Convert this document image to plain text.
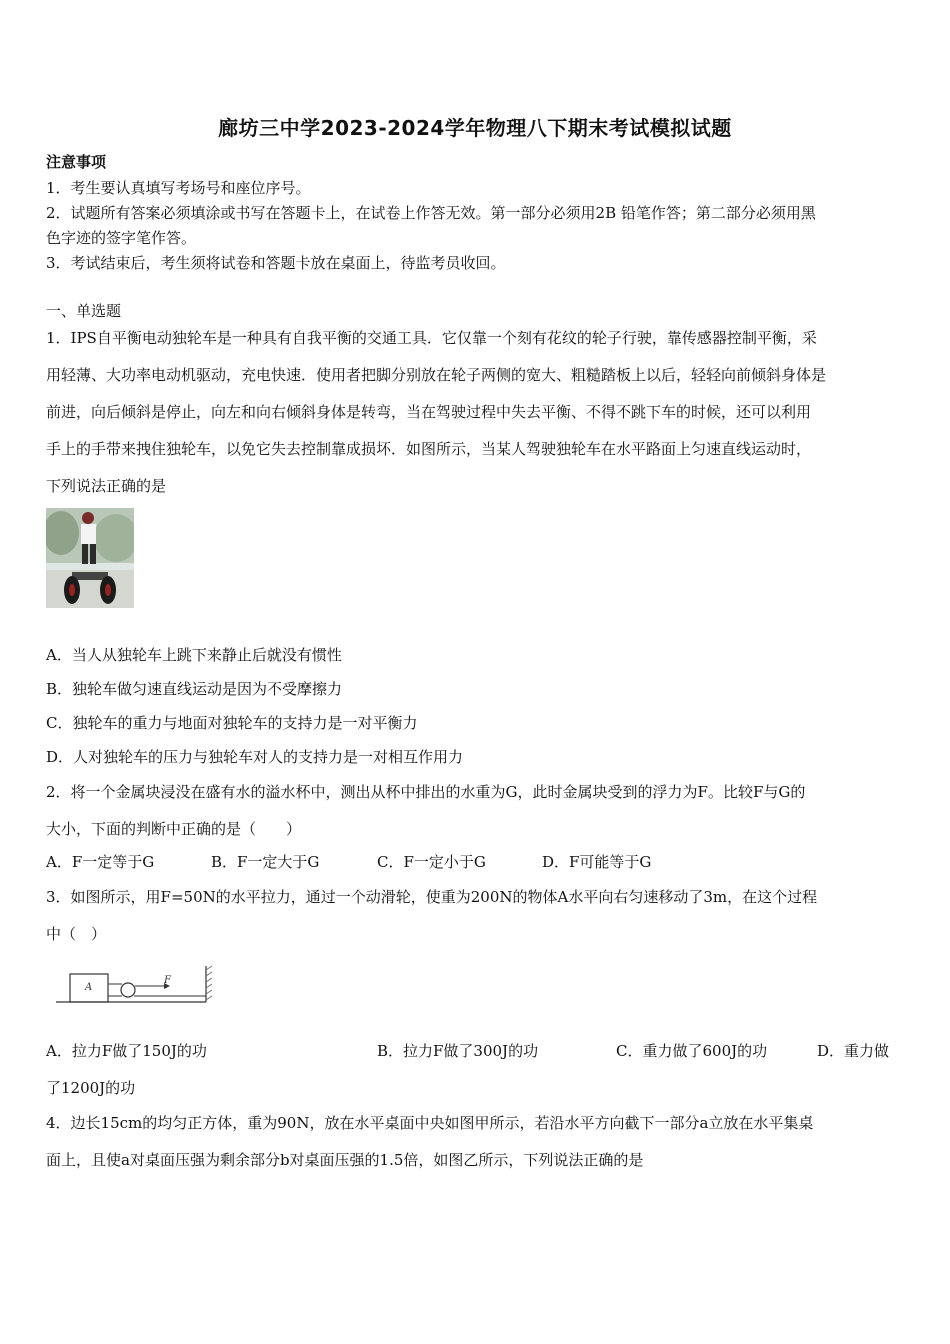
廊坊三中学2023-2024学年物理八下期末考试模拟试题
注意事项
1．考生要认真填写考场号和座位序号。
2．试题所有答案必须填涂或书写在答题卡上，在试卷上作答无效。第一部分必须用2B 铅笔作答；第二部分必须用黑
色字迹的签字笔作答。
3．考试结束后，考生须将试卷和答题卡放在桌面上，待监考员收回。
一、单选题
1．IPS自平衡电动独轮车是一种具有自我平衡的交通工具．它仅靠一个刻有花纹的轮子行驶，靠传感器控制平衡，采
用轻薄、大功率电动机驱动，充电快速．使用者把脚分别放在轮子两侧的宽大、粗糙踏板上以后，轻轻向前倾斜身体是
前进，向后倾斜是停止，向左和向右倾斜身体是转弯，当在驾驶过程中失去平衡、不得不跳下车的时候，还可以利用
手上的手带来拽住独轮车，以免它失去控制靠成损坏．如图所示，当某人驾驶独轮车在水平路面上匀速直线运动时，
下列说法正确的是
A．当人从独轮车上跳下来静止后就没有惯性
B．独轮车做匀速直线运动是因为不受摩擦力
C．独轮车的重力与地面对独轮车的支持力是一对平衡力
D．人对独轮车的压力与独轮车对人的支持力是一对相互作用力
2．将一个金属块浸没在盛有水的溢水杯中，测出从杯中排出的水重为G，此时金属块受到的浮力为F。比较F与G的
大小，下面的判断中正确的是（　　）
A．F一定等于G	B．F一定大于G	C．F一定小于G	D．F可能等于G
3．如图所示，用F=50N的水平拉力，通过一个动滑轮，使重为200N的物体A水平向右匀速移动了3m，在这个过程
中（　）
A
F
A．拉力F做了150J的功	B．拉力F做了300J的功	C．重力做了600J的功	D．重力做
了1200J的功
4．边长15cm的均匀正方体，重为90N，放在水平桌面中央如图甲所示，若沿水平方向截下一部分a立放在水平集桌
面上，且使a对桌面压强为剩余部分b对桌面压强的1.5倍，如图乙所示，下列说法正确的是
